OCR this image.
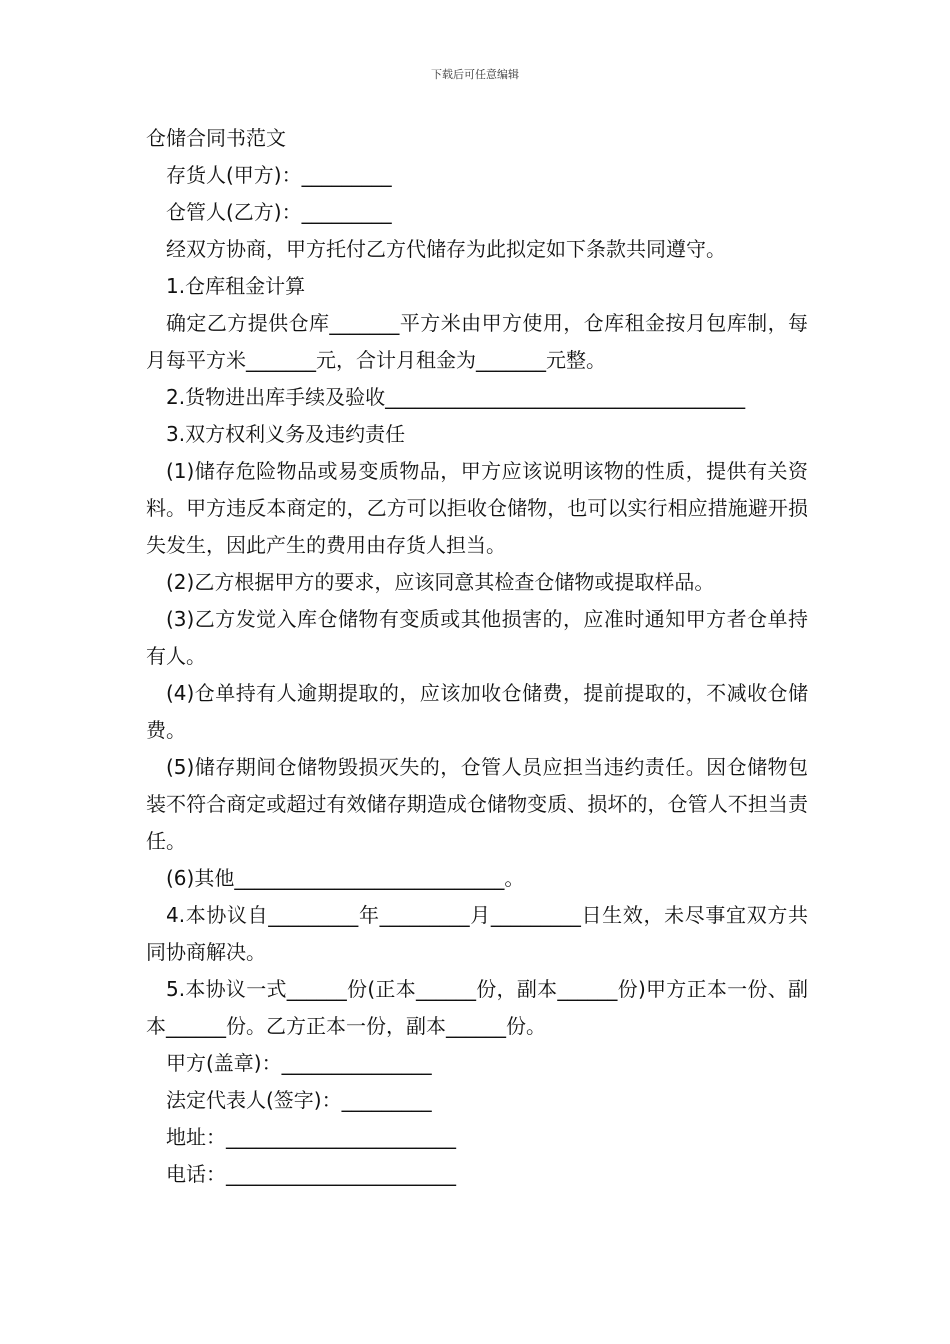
下载后可任意编辑
仓储合同书范文
存货人(甲方)：_________
仓管人(乙方)：_________
经双方协商，甲方托付乙方代储存为此拟定如下条款共同遵守。
1.仓库租金计算
确定乙方提供仓库_______平方米由甲方使用，仓库租金按月包库制，每月每平方米_______元，合计月租金为_______元整。
2.货物进出库手续及验收____________________________________
3.双方权利义务及违约责任
(1)储存危险物品或易变质物品，甲方应该说明该物的性质，提供有关资料。甲方违反本商定的，乙方可以拒收仓储物，也可以实行相应措施避开损失发生，因此产生的费用由存货人担当。
(2)乙方根据甲方的要求，应该同意其检查仓储物或提取样品。
(3)乙方发觉入库仓储物有变质或其他损害的，应准时通知甲方者仓单持有人。
(4)仓单持有人逾期提取的，应该加收仓储费，提前提取的，不减收仓储费。
(5)储存期间仓储物毁损灭失的，仓管人员应担当违约责任。因仓储物包装不符合商定或超过有效储存期造成仓储物变质、损坏的，仓管人不担当责任。
(6)其他___________________________。
4.本协议自_________年_________月_________日生效，未尽事宜双方共同协商解决。
5.本协议一式______份(正本______份，副本______份)甲方正本一份、副本______份。乙方正本一份，副本______份。
甲方(盖章)：_______________
法定代表人(签字)：_________
地址：_______________________
电话：_______________________
